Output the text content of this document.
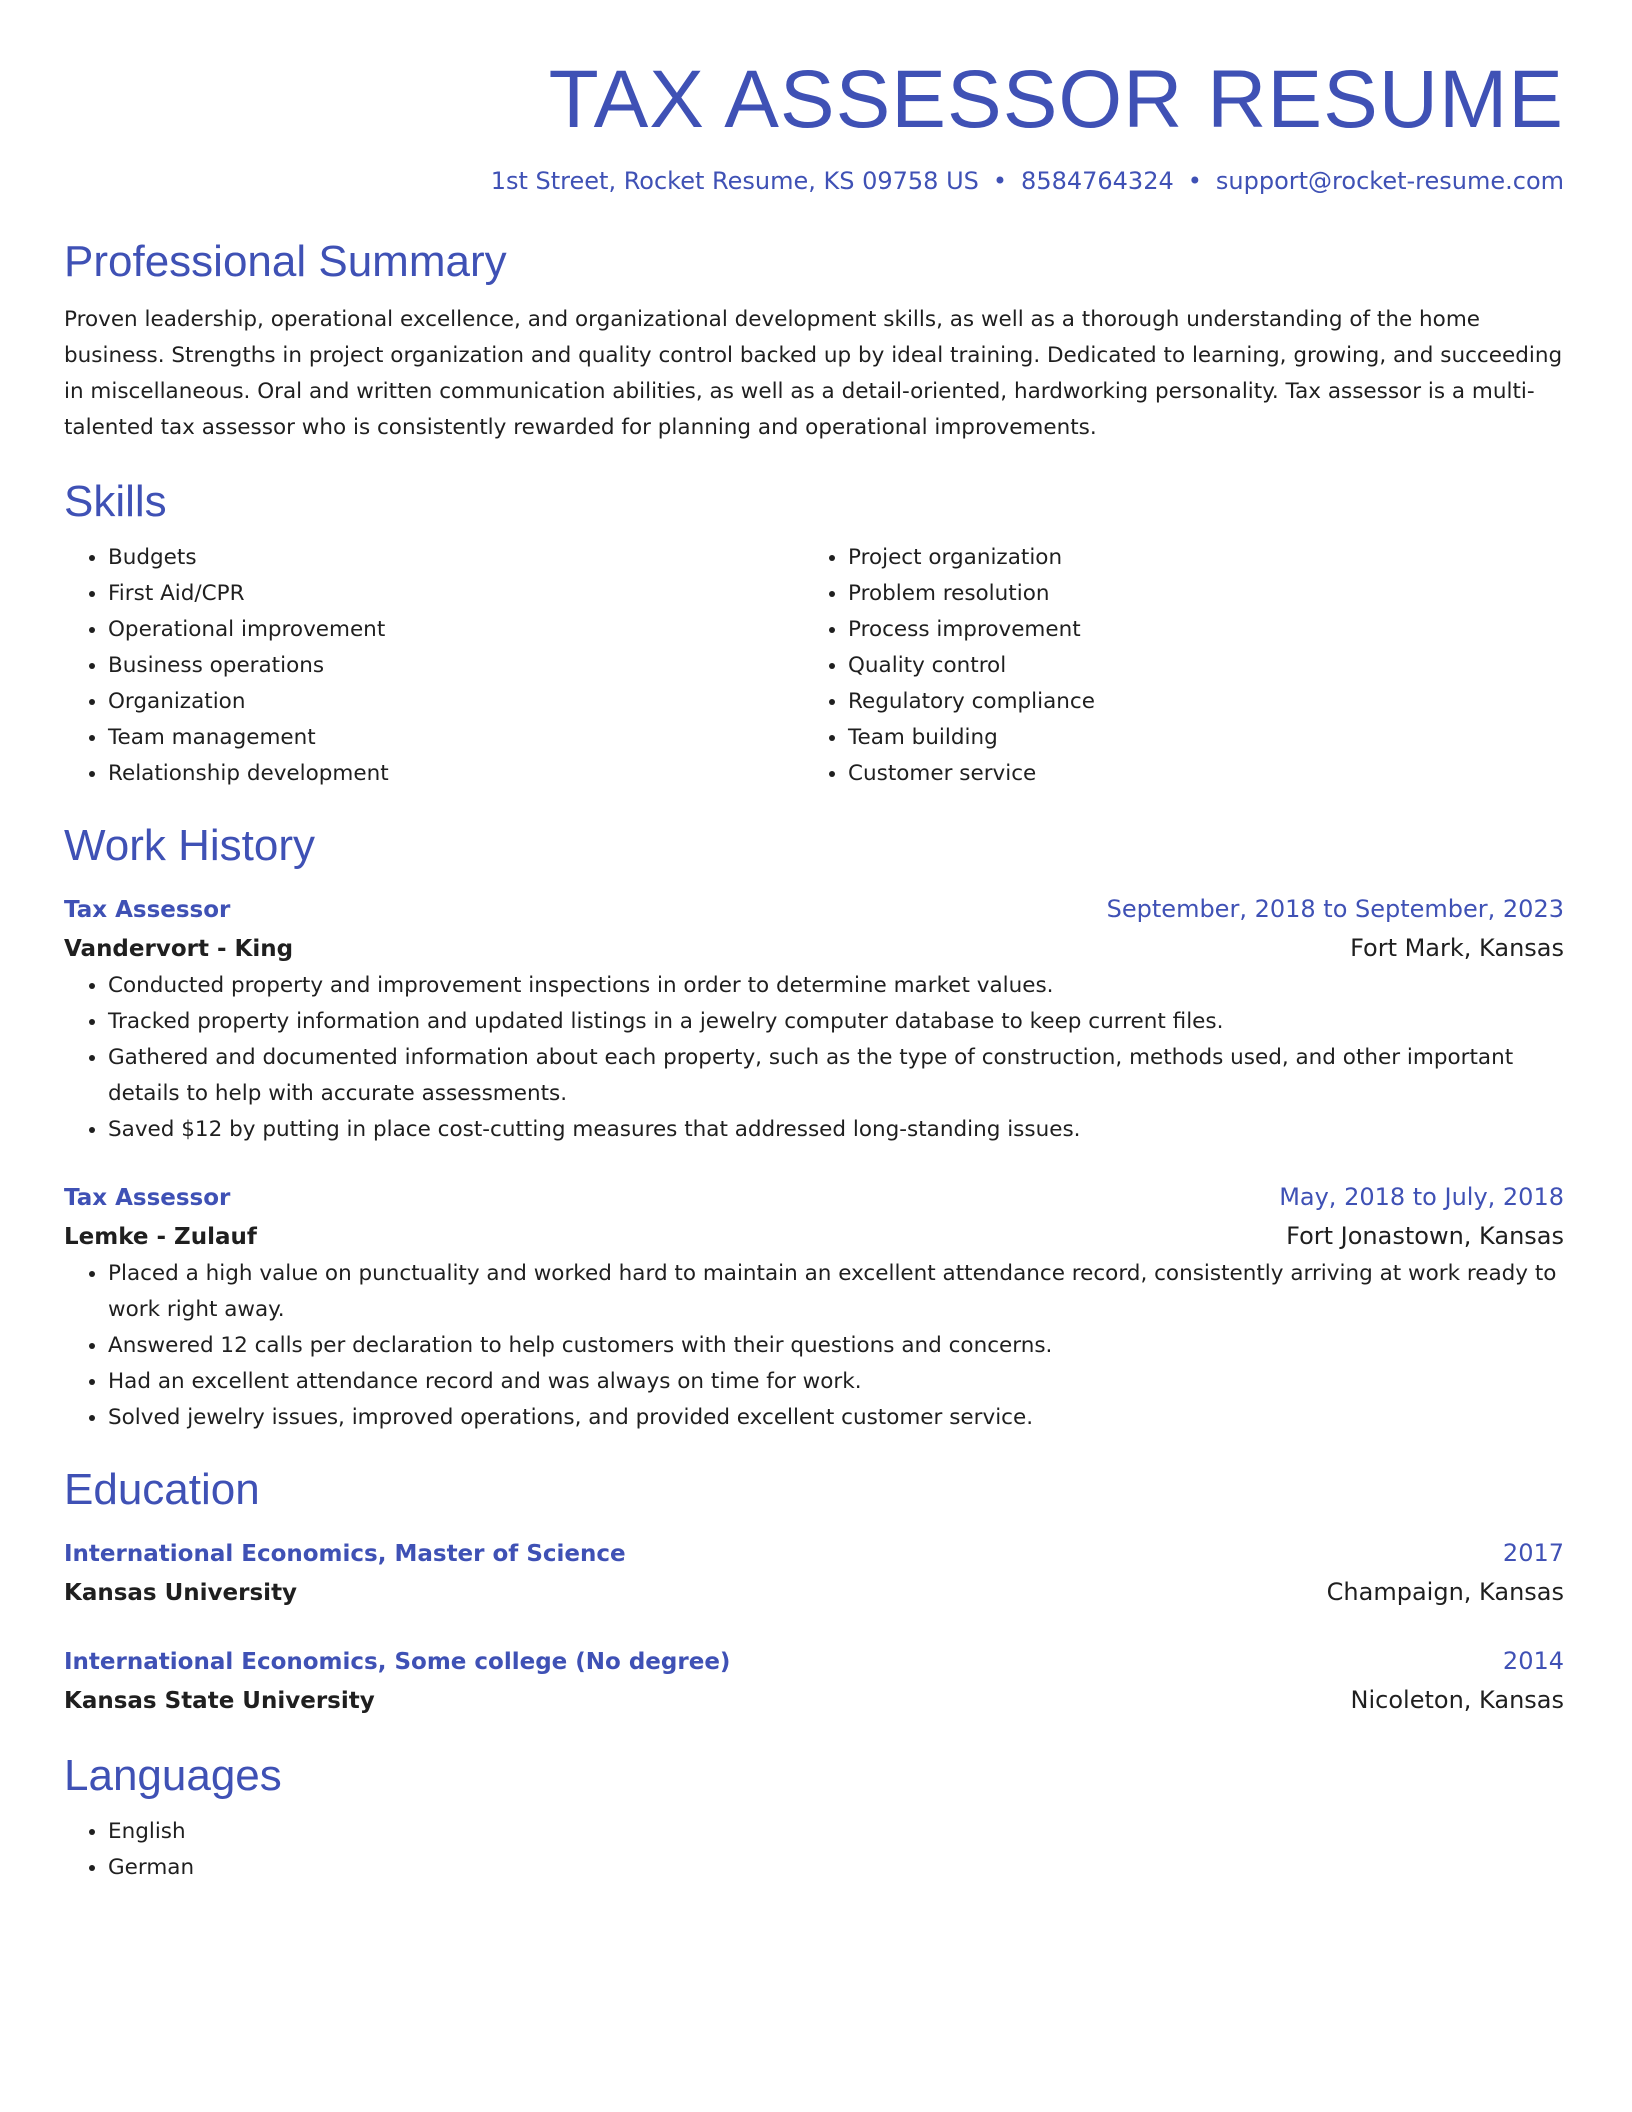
TAX ASSESSOR RESUME
1st Street, Rocket Resume, KS 09758 US • 8584764324 • support@rocket-resume.com
Professional Summary
Proven leadership, operational excellence, and organizational development skills, as well as a thorough understanding of the home business. Strengths in project organization and quality control backed up by ideal training. Dedicated to learning, growing, and succeeding in miscellaneous. Oral and written communication abilities, as well as a detail-oriented, hardworking personality. Tax assessor is a multi-talented tax assessor who is consistently rewarded for planning and operational improvements.
Skills
• Budgets
• First Aid/CPR
• Operational improvement
• Business operations
• Organization
• Team management
• Relationship development
• Project organization
• Problem resolution
• Process improvement
• Quality control
• Regulatory compliance
• Team building
• Customer service
Work History
Tax Assessor	September, 2018 to September, 2023
Vandervort - King	Fort Mark, Kansas
• Conducted property and improvement inspections in order to determine market values.
• Tracked property information and updated listings in a jewelry computer database to keep current files.
• Gathered and documented information about each property, such as the type of construction, methods used, and other important details to help with accurate assessments.
• Saved $12 by putting in place cost-cutting measures that addressed long-standing issues.
Tax Assessor	May, 2018 to July, 2018
Lemke - Zulauf	Fort Jonastown, Kansas
• Placed a high value on punctuality and worked hard to maintain an excellent attendance record, consistently arriving at work ready to work right away.
• Answered 12 calls per declaration to help customers with their questions and concerns.
• Had an excellent attendance record and was always on time for work.
• Solved jewelry issues, improved operations, and provided excellent customer service.
Education
International Economics, Master of Science	2017
Kansas University	Champaign, Kansas
International Economics, Some college (No degree)	2014
Kansas State University	Nicoleton, Kansas
Languages
• English
• German
